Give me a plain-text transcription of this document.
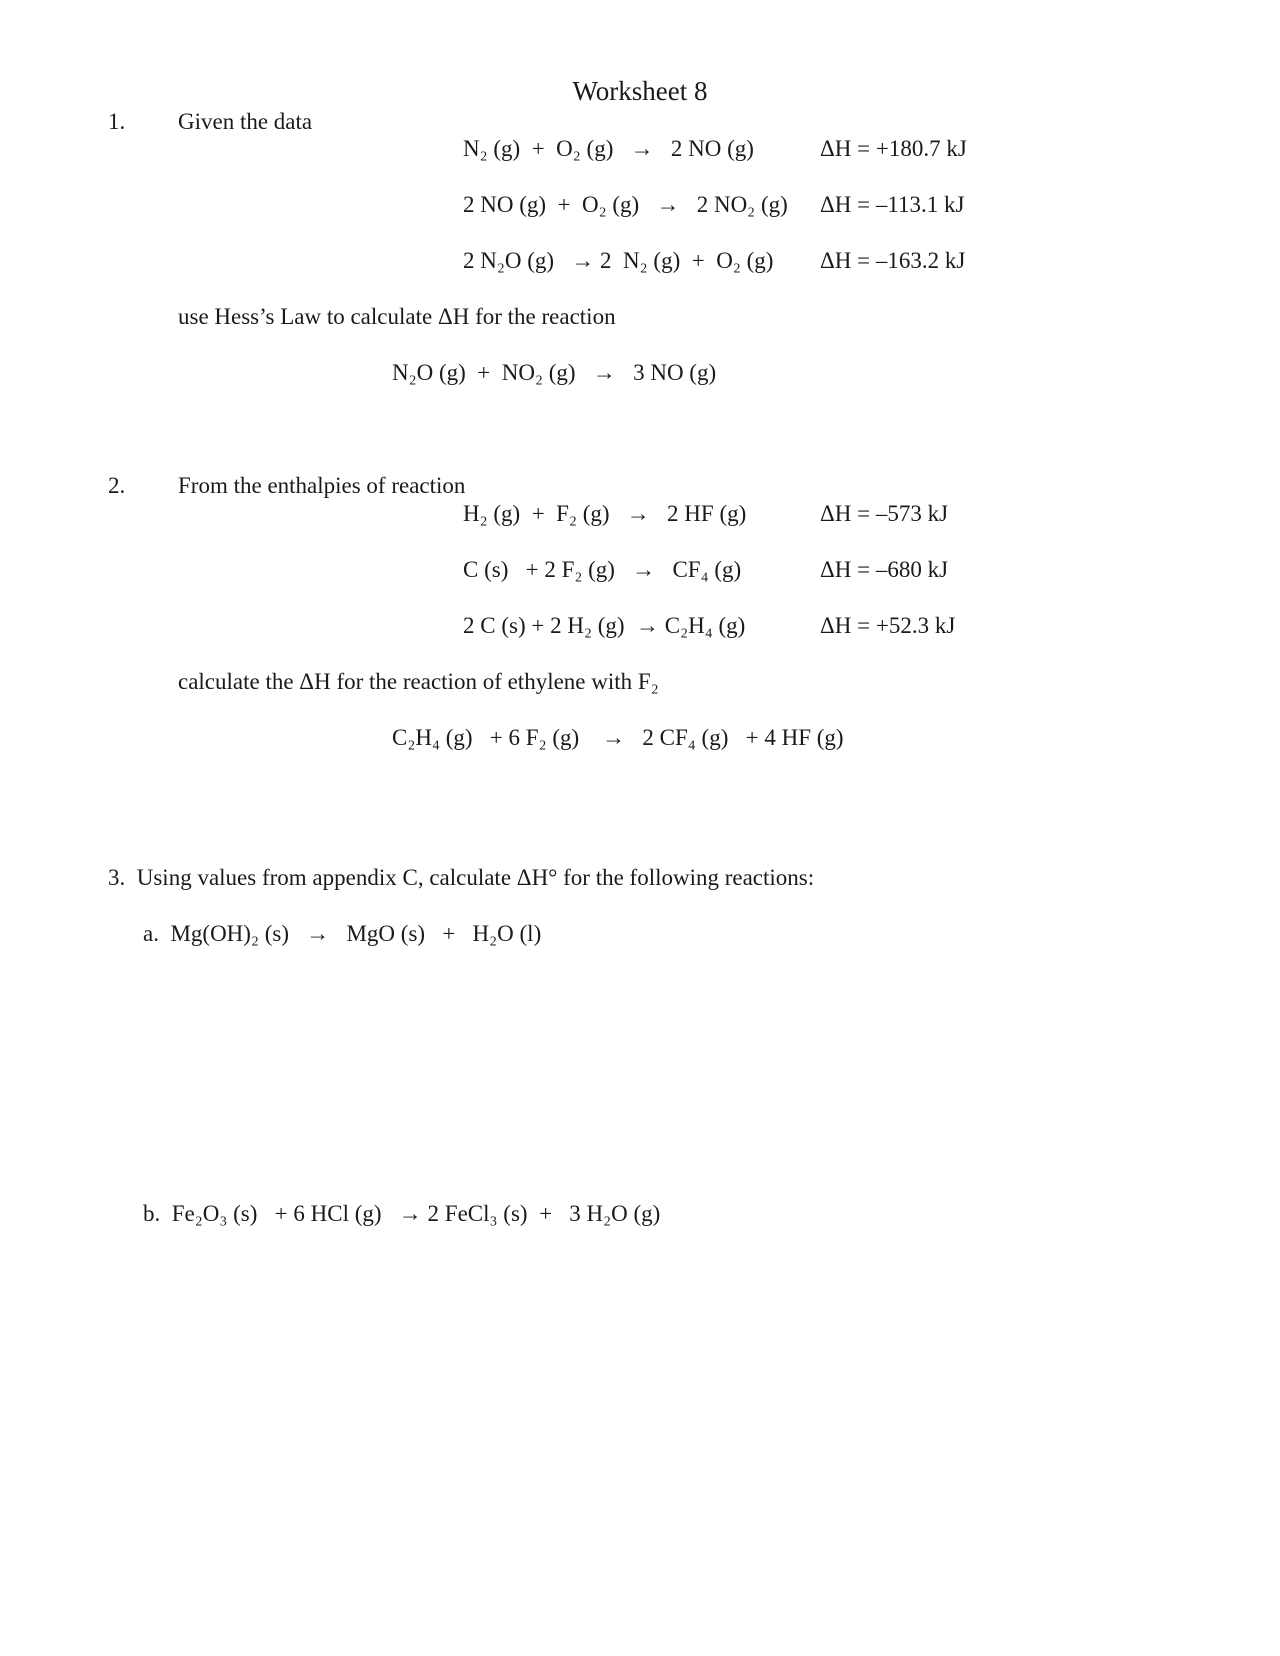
Worksheet 8
1. Given the data
N₂ (g)  +  O₂ (g)   →   2 NO (g)	ΔH = +180.7 kJ
2 NO (g)  +  O₂ (g)   →   2 NO₂ (g) ΔH = –113.1 kJ
2 N₂O (g)   → 2  N₂ (g)  +  O₂ (g) ΔH = –163.2 kJ
use Hess’s Law to calculate ΔH for the reaction
N₂O (g)  +  NO₂ (g)   →   3 NO (g)
2. From the enthalpies of reaction
H₂ (g)  +  F₂ (g)   →   2 HF (g)	ΔH = –573 kJ
C (s)   + 2 F₂ (g)   →   CF₄ (g)	ΔH = –680 kJ
2 C (s) + 2 H₂ (g)  → C₂H₄ (g)	ΔH = +52.3 kJ
calculate the ΔH for the reaction of ethylene with F₂
C₂H₄ (g)   + 6 F₂ (g)    →   2 CF₄ (g)   + 4 HF (g)
3.  Using values from appendix C, calculate ΔH° for the following reactions:
a.  Mg(OH)₂ (s)   →   MgO (s)   +   H₂O (l)
b.  Fe₂O₃ (s)   + 6 HCl (g)   → 2 FeCl₃ (s)  +   3 H₂O (g)
